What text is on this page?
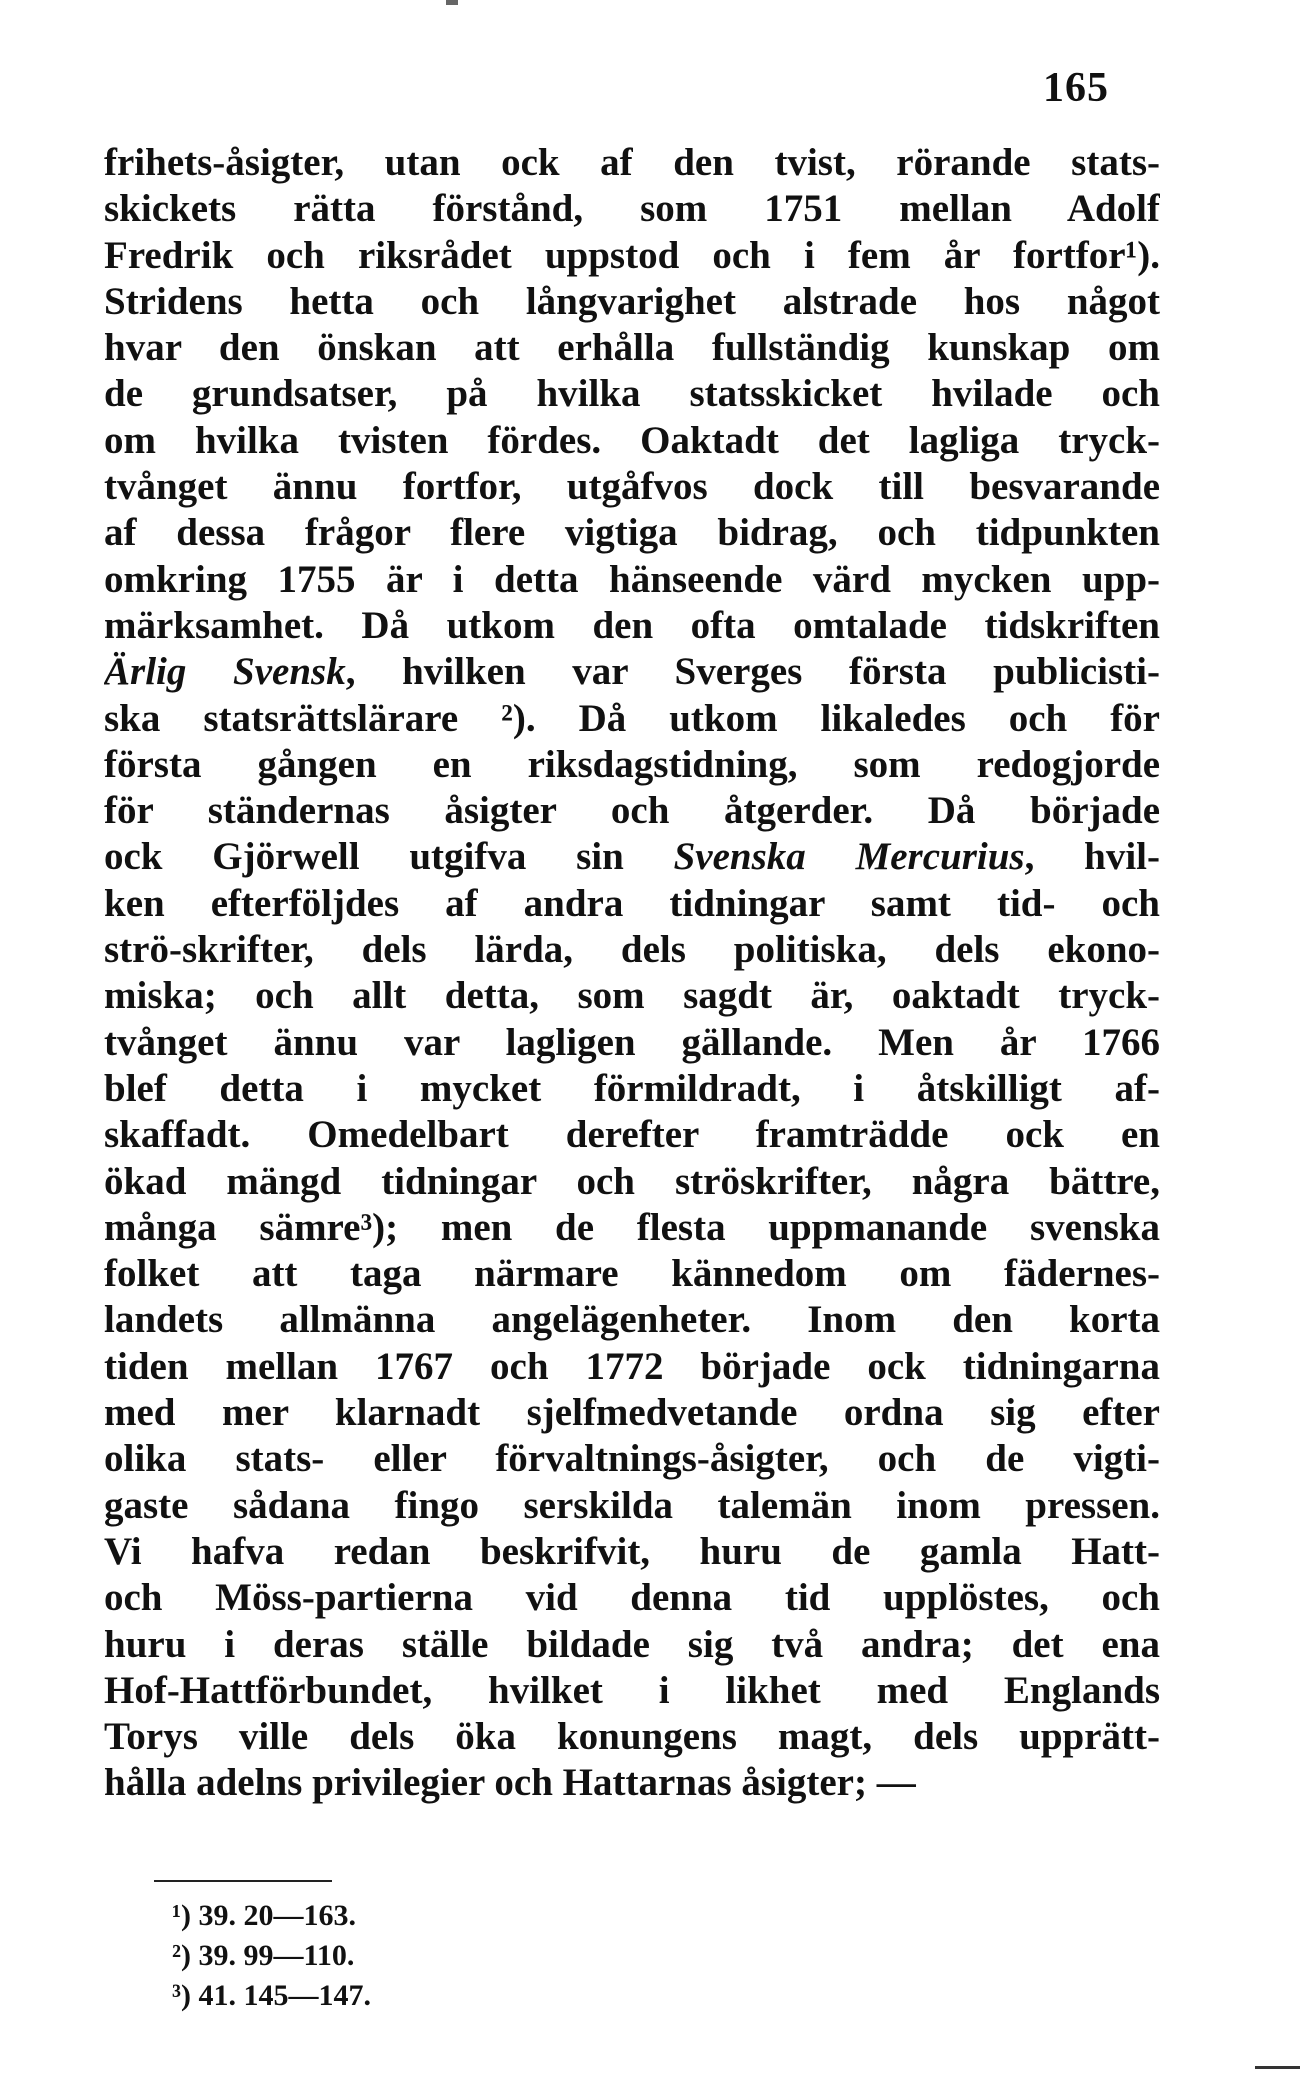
165
frihets-åsigter, utan ock af den tvist, rörande stats-
skickets rätta förstånd, som 1751 mellan Adolf
Fredrik och riksrådet uppstod och i fem år fortfor¹).
Stridens hetta och långvarighet alstrade hos något
hvar den önskan att erhålla fullständig kunskap om
de grundsatser, på hvilka statsskicket hvilade och
om hvilka tvisten fördes. Oaktadt det lagliga tryck-
tvånget ännu fortfor, utgåfvos dock till besvarande
af dessa frågor flere vigtiga bidrag, och tidpunkten
omkring 1755 är i detta hänseende värd mycken upp-
märksamhet. Då utkom den ofta omtalade tidskriften
Ärlig Svensk, hvilken var Sverges första publicisti-
ska statsrättslärare ²). Då utkom likaledes och för
första gången en riksdagstidning, som redogjorde
för ständernas åsigter och åtgerder. Då började
ock Gjörwell utgifva sin Svenska Mercurius, hvil-
ken efterföljdes af andra tidningar samt tid- och
strö-skrifter, dels lärda, dels politiska, dels ekono-
miska; och allt detta, som sagdt är, oaktadt tryck-
tvånget ännu var lagligen gällande. Men år 1766
blef detta i mycket förmildradt, i åtskilligt af-
skaffadt. Omedelbart derefter framträdde ock en
ökad mängd tidningar och ströskrifter, några bättre,
många sämre³); men de flesta uppmanande svenska
folket att taga närmare kännedom om fädernes-
landets allmänna angelägenheter. Inom den korta
tiden mellan 1767 och 1772 började ock tidningarna
med mer klarnadt sjelfmedvetande ordna sig efter
olika stats- eller förvaltnings-åsigter, och de vigti-
gaste sådana fingo serskilda talemän inom pressen.
Vi hafva redan beskrifvit, huru de gamla Hatt-
och Möss-partierna vid denna tid upplöstes, och
huru i deras ställe bildade sig två andra; det ena
Hof-Hattförbundet, hvilket i likhet med Englands
Torys ville dels öka konungens magt, dels upprätt-
hålla adelns privilegier och Hattarnas åsigter; —
¹) 39. 20—163.
²) 39. 99—110.
³) 41. 145—147.
